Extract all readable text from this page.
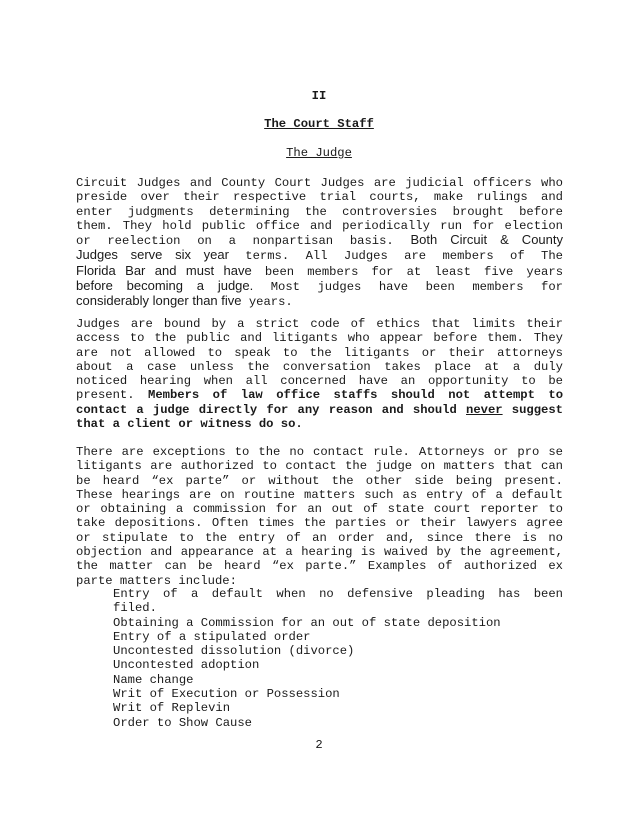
II
The Court Staff
The Judge
Circuit Judges and County Court Judges are judicial officers who
preside over their respective trial courts, make rulings and
enter judgments determining the controversies brought before
them. They hold public office and periodically run for election
or reelection on a nonpartisan basis. Both Circuit & County
Judges serve six year terms. All Judges are members of The
Florida Bar and must have been members for at least five years
before becoming a judge. Most judges have been members for
considerably longer than five years.
Judges are bound by a strict code of ethics that limits their
access to the public and litigants who appear before them. They
are not allowed to speak to the litigants or their attorneys
about a case unless the conversation takes place at a duly
noticed hearing when all concerned have an opportunity to be
present. Members of law office staffs should not attempt to
contact a judge directly for any reason and should never suggest
that a client or witness do so.
There are exceptions to the no contact rule. Attorneys or pro se
litigants are authorized to contact the judge on matters that can
be heard “ex parte” or without the other side being present.
These hearings are on routine matters such as entry of a default
or obtaining a commission for an out of state court reporter to
take depositions. Often times the parties or their lawyers agree
or stipulate to the entry of an order and, since there is no
objection and appearance at a hearing is waived by the agreement,
the matter can be heard “ex parte.” Examples of authorized ex
parte matters include:
Entry of a default when no defensive pleading has been
filed.
Obtaining a Commission for an out of state deposition
Entry of a stipulated order
Uncontested dissolution (divorce)
Uncontested adoption
Name change
Writ of Execution or Possession
Writ of Replevin
Order to Show Cause
2
